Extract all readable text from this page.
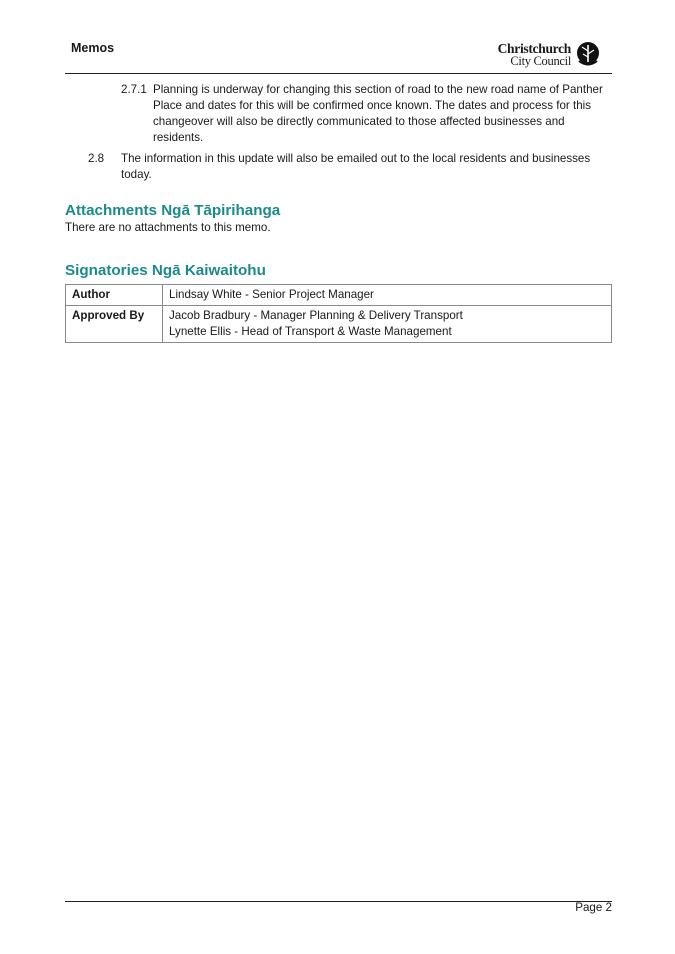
Memos	Christchurch
City Council
2.7.1 Planning is underway for changing this section of road to the new road name of Panther Place and dates for this will be confirmed once known. The dates and process for this changeover will also be directly communicated to those affected businesses and residents.
2.8 The information in this update will also be emailed out to the local residents and businesses today.
Attachments Ngā Tāpirihanga
There are no attachments to this memo.
Signatories Ngā Kaiwaitohu
Author	Lindsay White - Senior Project Manager
Approved By	Jacob Bradbury - Manager Planning & Delivery Transport
Lynette Ellis - Head of Transport & Waste Management
Page 2
